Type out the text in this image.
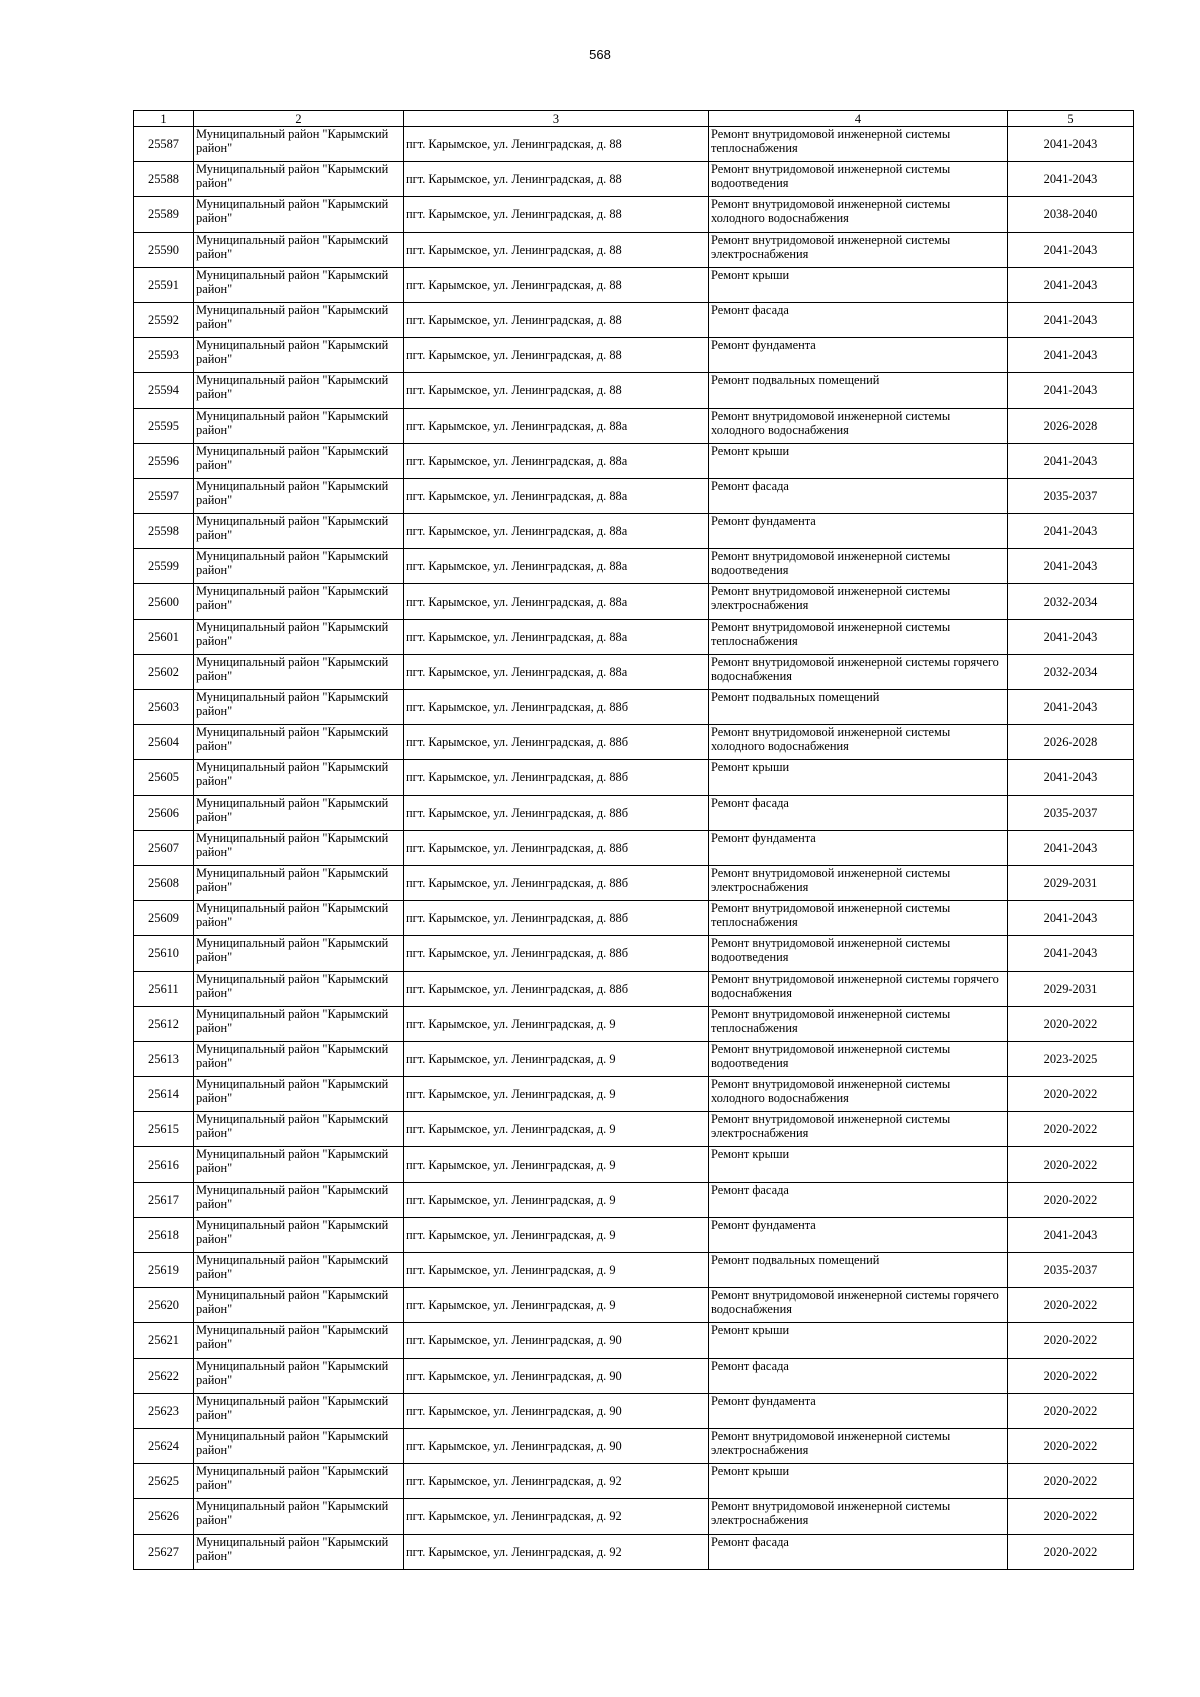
568
1	2	3	4	5
25587	Муниципальный район "Карымский район"	пгт. Карымское, ул. Ленинградская, д. 88	Ремонт внутридомовой инженерной системы теплоснабжения	2041-2043
25588	Муниципальный район "Карымский район"	пгт. Карымское, ул. Ленинградская, д. 88	Ремонт внутридомовой инженерной системы водоотведения	2041-2043
25589	Муниципальный район "Карымский район"	пгт. Карымское, ул. Ленинградская, д. 88	Ремонт внутридомовой инженерной системы холодного водоснабжения	2038-2040
25590	Муниципальный район "Карымский район"	пгт. Карымское, ул. Ленинградская, д. 88	Ремонт внутридомовой инженерной системы электроснабжения	2041-2043
25591	Муниципальный район "Карымский район"	пгт. Карымское, ул. Ленинградская, д. 88	Ремонт крыши	2041-2043
25592	Муниципальный район "Карымский район"	пгт. Карымское, ул. Ленинградская, д. 88	Ремонт фасада	2041-2043
25593	Муниципальный район "Карымский район"	пгт. Карымское, ул. Ленинградская, д. 88	Ремонт фундамента	2041-2043
25594	Муниципальный район "Карымский район"	пгт. Карымское, ул. Ленинградская, д. 88	Ремонт подвальных помещений	2041-2043
25595	Муниципальный район "Карымский район"	пгт. Карымское, ул. Ленинградская, д. 88а	Ремонт внутридомовой инженерной системы холодного водоснабжения	2026-2028
25596	Муниципальный район "Карымский район"	пгт. Карымское, ул. Ленинградская, д. 88а	Ремонт крыши	2041-2043
25597	Муниципальный район "Карымский район"	пгт. Карымское, ул. Ленинградская, д. 88а	Ремонт фасада	2035-2037
25598	Муниципальный район "Карымский район"	пгт. Карымское, ул. Ленинградская, д. 88а	Ремонт фундамента	2041-2043
25599	Муниципальный район "Карымский район"	пгт. Карымское, ул. Ленинградская, д. 88а	Ремонт внутридомовой инженерной системы водоотведения	2041-2043
25600	Муниципальный район "Карымский район"	пгт. Карымское, ул. Ленинградская, д. 88а	Ремонт внутридомовой инженерной системы электроснабжения	2032-2034
25601	Муниципальный район "Карымский район"	пгт. Карымское, ул. Ленинградская, д. 88а	Ремонт внутридомовой инженерной системы теплоснабжения	2041-2043
25602	Муниципальный район "Карымский район"	пгт. Карымское, ул. Ленинградская, д. 88а	Ремонт внутридомовой инженерной системы горячего водоснабжения	2032-2034
25603	Муниципальный район "Карымский район"	пгт. Карымское, ул. Ленинградская, д. 88б	Ремонт подвальных помещений	2041-2043
25604	Муниципальный район "Карымский район"	пгт. Карымское, ул. Ленинградская, д. 88б	Ремонт внутридомовой инженерной системы холодного водоснабжения	2026-2028
25605	Муниципальный район "Карымский район"	пгт. Карымское, ул. Ленинградская, д. 88б	Ремонт крыши	2041-2043
25606	Муниципальный район "Карымский район"	пгт. Карымское, ул. Ленинградская, д. 88б	Ремонт фасада	2035-2037
25607	Муниципальный район "Карымский район"	пгт. Карымское, ул. Ленинградская, д. 88б	Ремонт фундамента	2041-2043
25608	Муниципальный район "Карымский район"	пгт. Карымское, ул. Ленинградская, д. 88б	Ремонт внутридомовой инженерной системы электроснабжения	2029-2031
25609	Муниципальный район "Карымский район"	пгт. Карымское, ул. Ленинградская, д. 88б	Ремонт внутридомовой инженерной системы теплоснабжения	2041-2043
25610	Муниципальный район "Карымский район"	пгт. Карымское, ул. Ленинградская, д. 88б	Ремонт внутридомовой инженерной системы водоотведения	2041-2043
25611	Муниципальный район "Карымский район"	пгт. Карымское, ул. Ленинградская, д. 88б	Ремонт внутридомовой инженерной системы горячего водоснабжения	2029-2031
25612	Муниципальный район "Карымский район"	пгт. Карымское, ул. Ленинградская, д. 9	Ремонт внутридомовой инженерной системы теплоснабжения	2020-2022
25613	Муниципальный район "Карымский район"	пгт. Карымское, ул. Ленинградская, д. 9	Ремонт внутридомовой инженерной системы водоотведения	2023-2025
25614	Муниципальный район "Карымский район"	пгт. Карымское, ул. Ленинградская, д. 9	Ремонт внутридомовой инженерной системы холодного водоснабжения	2020-2022
25615	Муниципальный район "Карымский район"	пгт. Карымское, ул. Ленинградская, д. 9	Ремонт внутридомовой инженерной системы электроснабжения	2020-2022
25616	Муниципальный район "Карымский район"	пгт. Карымское, ул. Ленинградская, д. 9	Ремонт крыши	2020-2022
25617	Муниципальный район "Карымский район"	пгт. Карымское, ул. Ленинградская, д. 9	Ремонт фасада	2020-2022
25618	Муниципальный район "Карымский район"	пгт. Карымское, ул. Ленинградская, д. 9	Ремонт фундамента	2041-2043
25619	Муниципальный район "Карымский район"	пгт. Карымское, ул. Ленинградская, д. 9	Ремонт подвальных помещений	2035-2037
25620	Муниципальный район "Карымский район"	пгт. Карымское, ул. Ленинградская, д. 9	Ремонт внутридомовой инженерной системы горячего водоснабжения	2020-2022
25621	Муниципальный район "Карымский район"	пгт. Карымское, ул. Ленинградская, д. 90	Ремонт крыши	2020-2022
25622	Муниципальный район "Карымский район"	пгт. Карымское, ул. Ленинградская, д. 90	Ремонт фасада	2020-2022
25623	Муниципальный район "Карымский район"	пгт. Карымское, ул. Ленинградская, д. 90	Ремонт фундамента	2020-2022
25624	Муниципальный район "Карымский район"	пгт. Карымское, ул. Ленинградская, д. 90	Ремонт внутридомовой инженерной системы электроснабжения	2020-2022
25625	Муниципальный район "Карымский район"	пгт. Карымское, ул. Ленинградская, д. 92	Ремонт крыши	2020-2022
25626	Муниципальный район "Карымский район"	пгт. Карымское, ул. Ленинградская, д. 92	Ремонт внутридомовой инженерной системы электроснабжения	2020-2022
25627	Муниципальный район "Карымский район"	пгт. Карымское, ул. Ленинградская, д. 92	Ремонт фасада	2020-2022
